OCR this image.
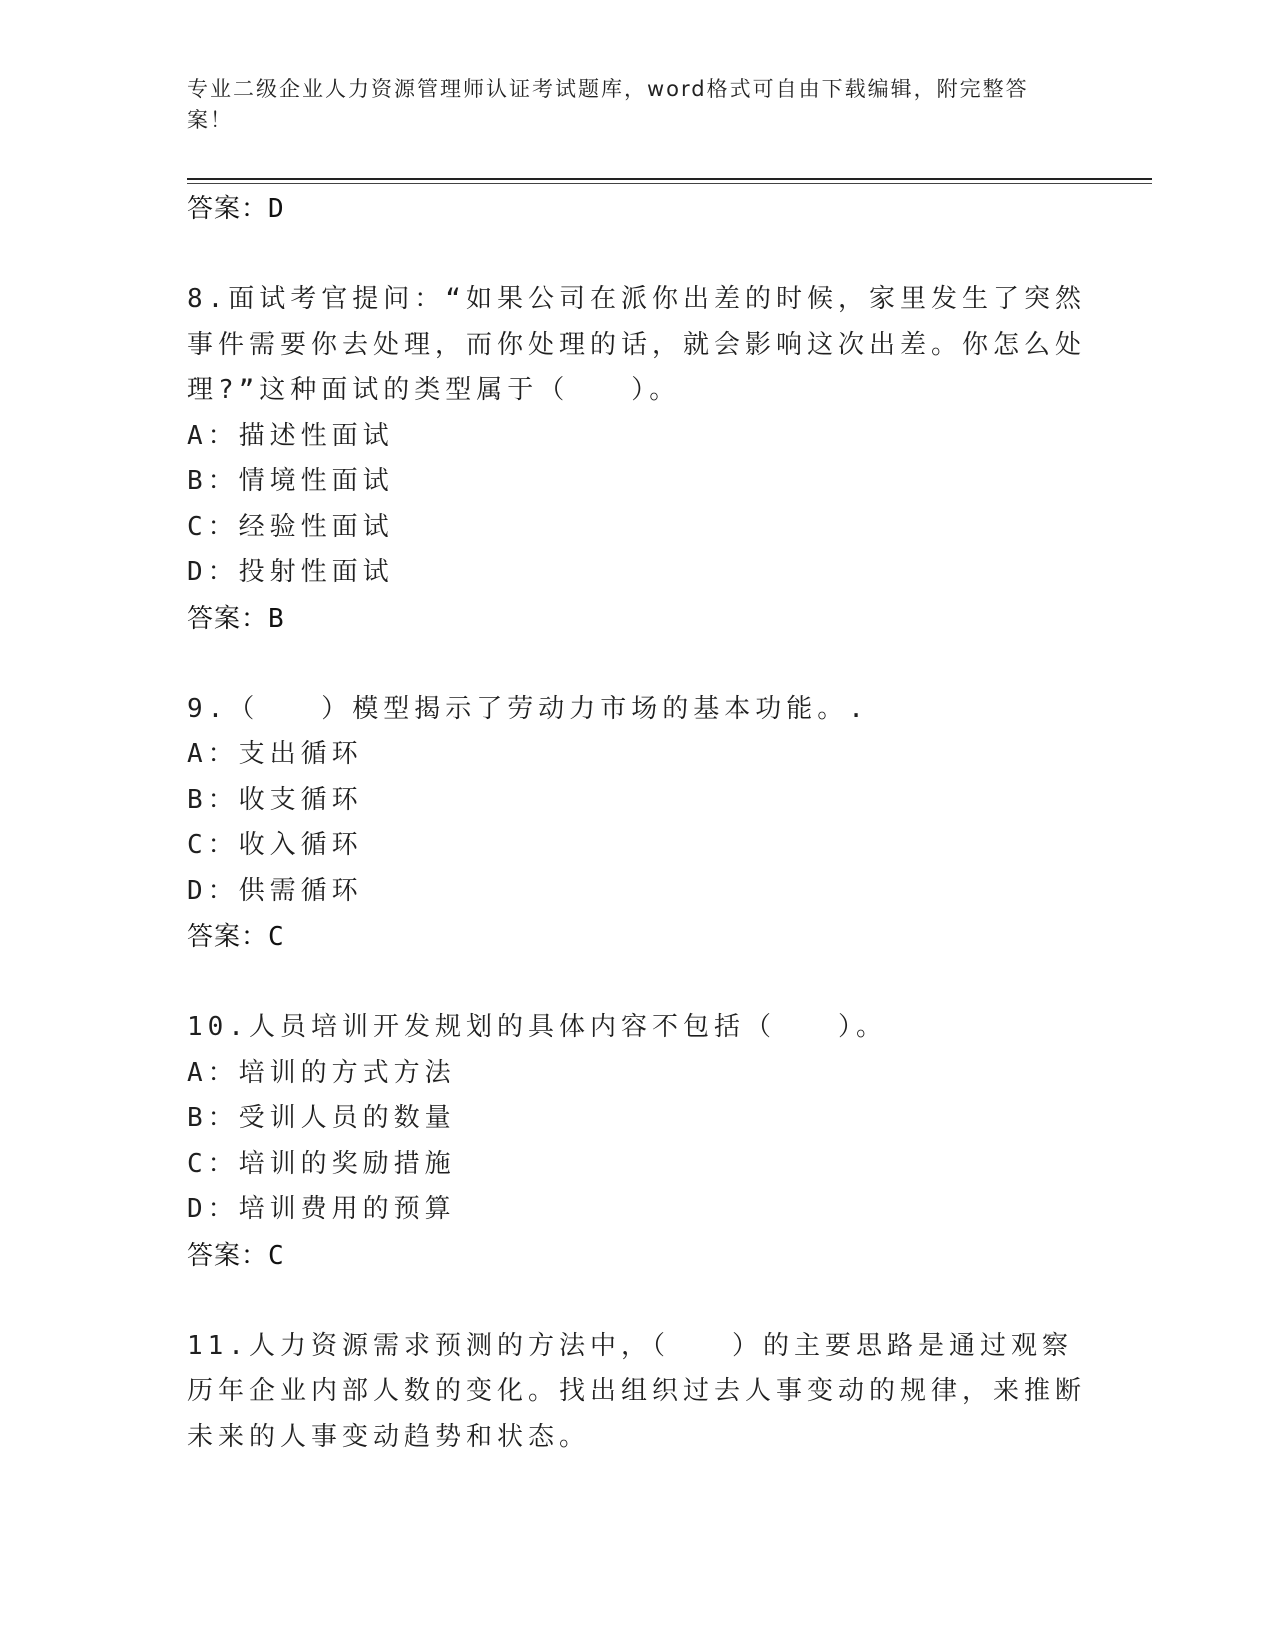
专业二级企业人力资源管理师认证考试题库，word格式可自由下载编辑，附完整答案！

答案：D

8.面试考官提问：“如果公司在派你出差的时候，家里发生了突然事件需要你去处理，而你处理的话，就会影响这次出差。你怎么处理?”这种面试的类型属于（　　）。

A：描述性面试

B：情境性面试

C：经验性面试

D：投射性面试

答案：B

9.（　　）模型揭示了劳动力市场的基本功能。.

A：支出循环

B：收支循环

C：收入循环

D：供需循环

答案：C

10.人员培训开发规划的具体内容不包括（　　）。

A：培训的方式方法

B：受训人员的数量

C：培训的奖励措施

D：培训费用的预算

答案：C

11.人力资源需求预测的方法中，（　　）的主要思路是通过观察历年企业内部人数的变化。找出组织过去人事变动的规律，来推断未来的人事变动趋势和状态。
